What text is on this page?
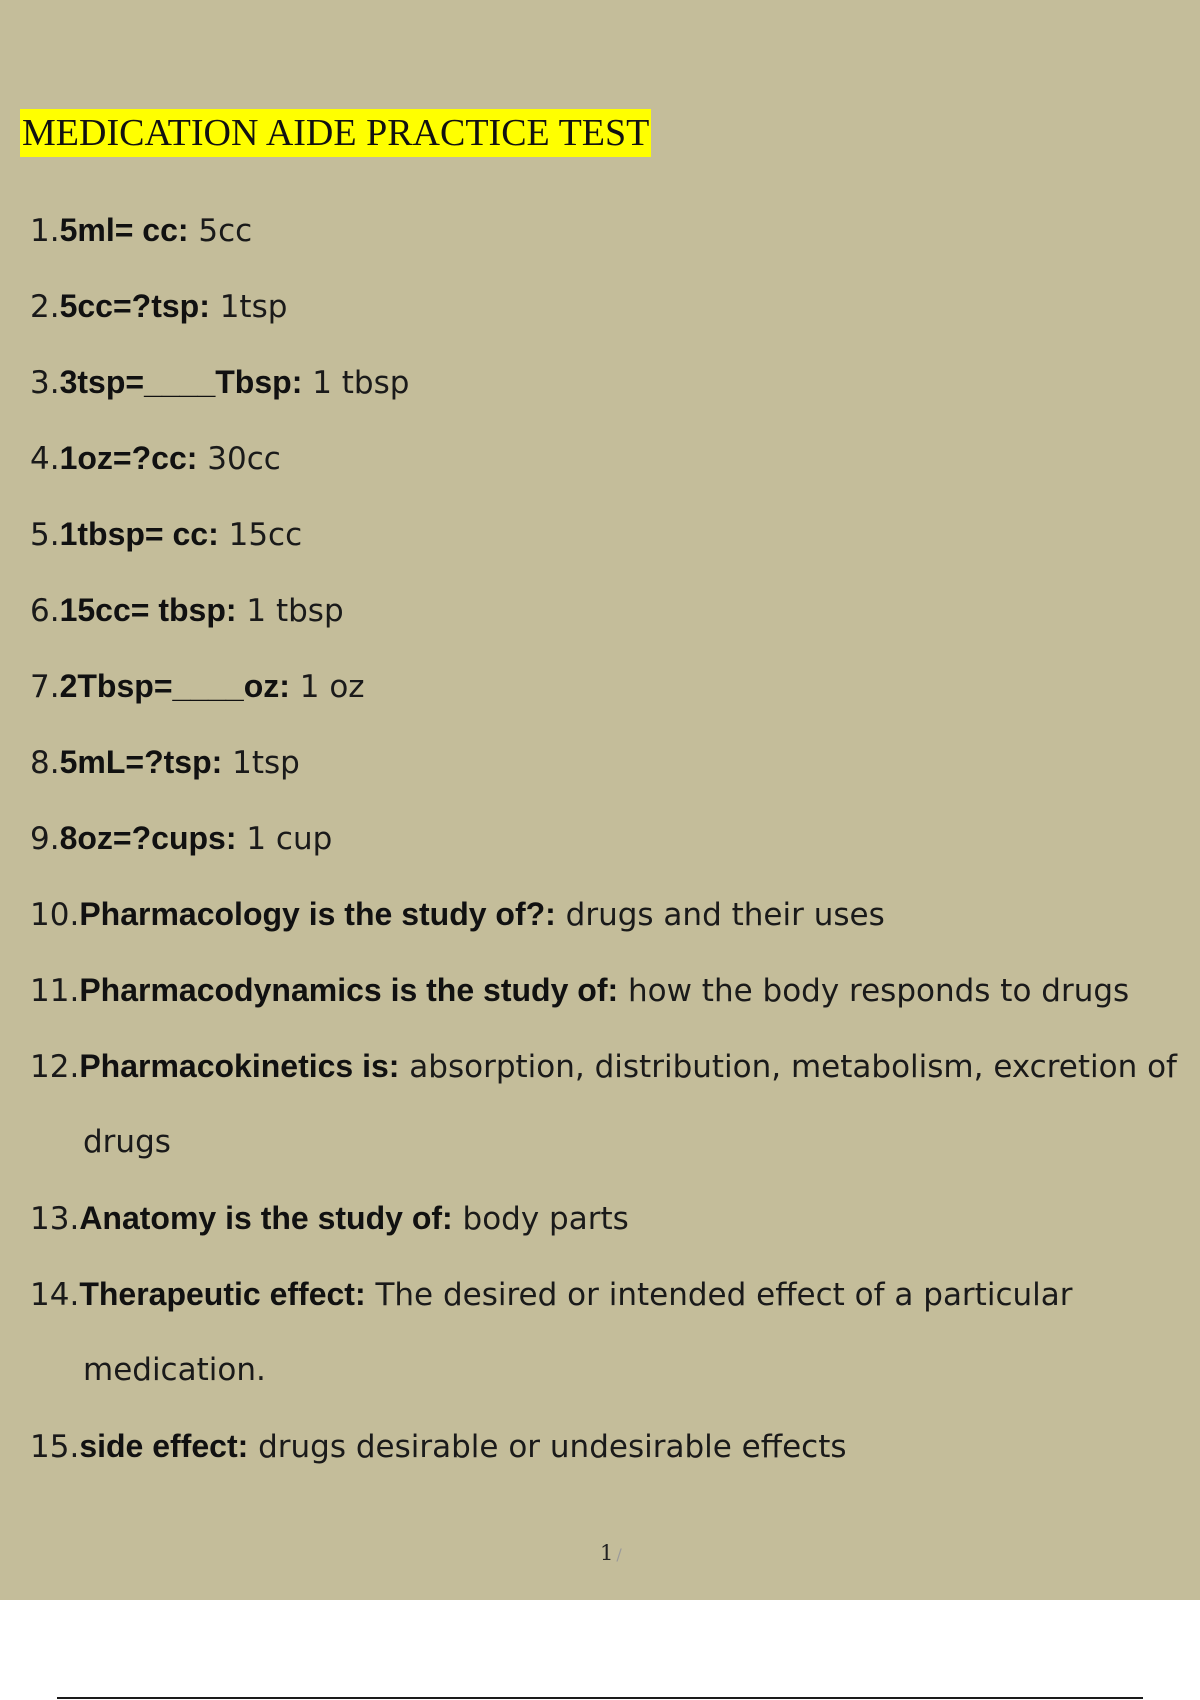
MEDICATION AIDE PRACTICE TEST
1.5ml= cc: 5cc
2.5cc=?tsp: 1tsp
3.3tsp=____Tbsp: 1 tbsp
4.1oz=?cc: 30cc
5.1tbsp= cc: 15cc
6.15cc= tbsp: 1 tbsp
7.2Tbsp=____oz: 1 oz
8.5mL=?tsp: 1tsp
9.8oz=?cups: 1 cup
10.Pharmacology is the study of?: drugs and their uses
11.Pharmacodynamics is the study of: how the body responds to drugs
12.Pharmacokinetics is: absorption, distribution, metabolism, excretion of
drugs
13.Anatomy is the study of: body parts
14.Therapeutic effect: The desired or intended effect of a particular
medication.
15.side effect: drugs desirable or undesirable effects
1 /
